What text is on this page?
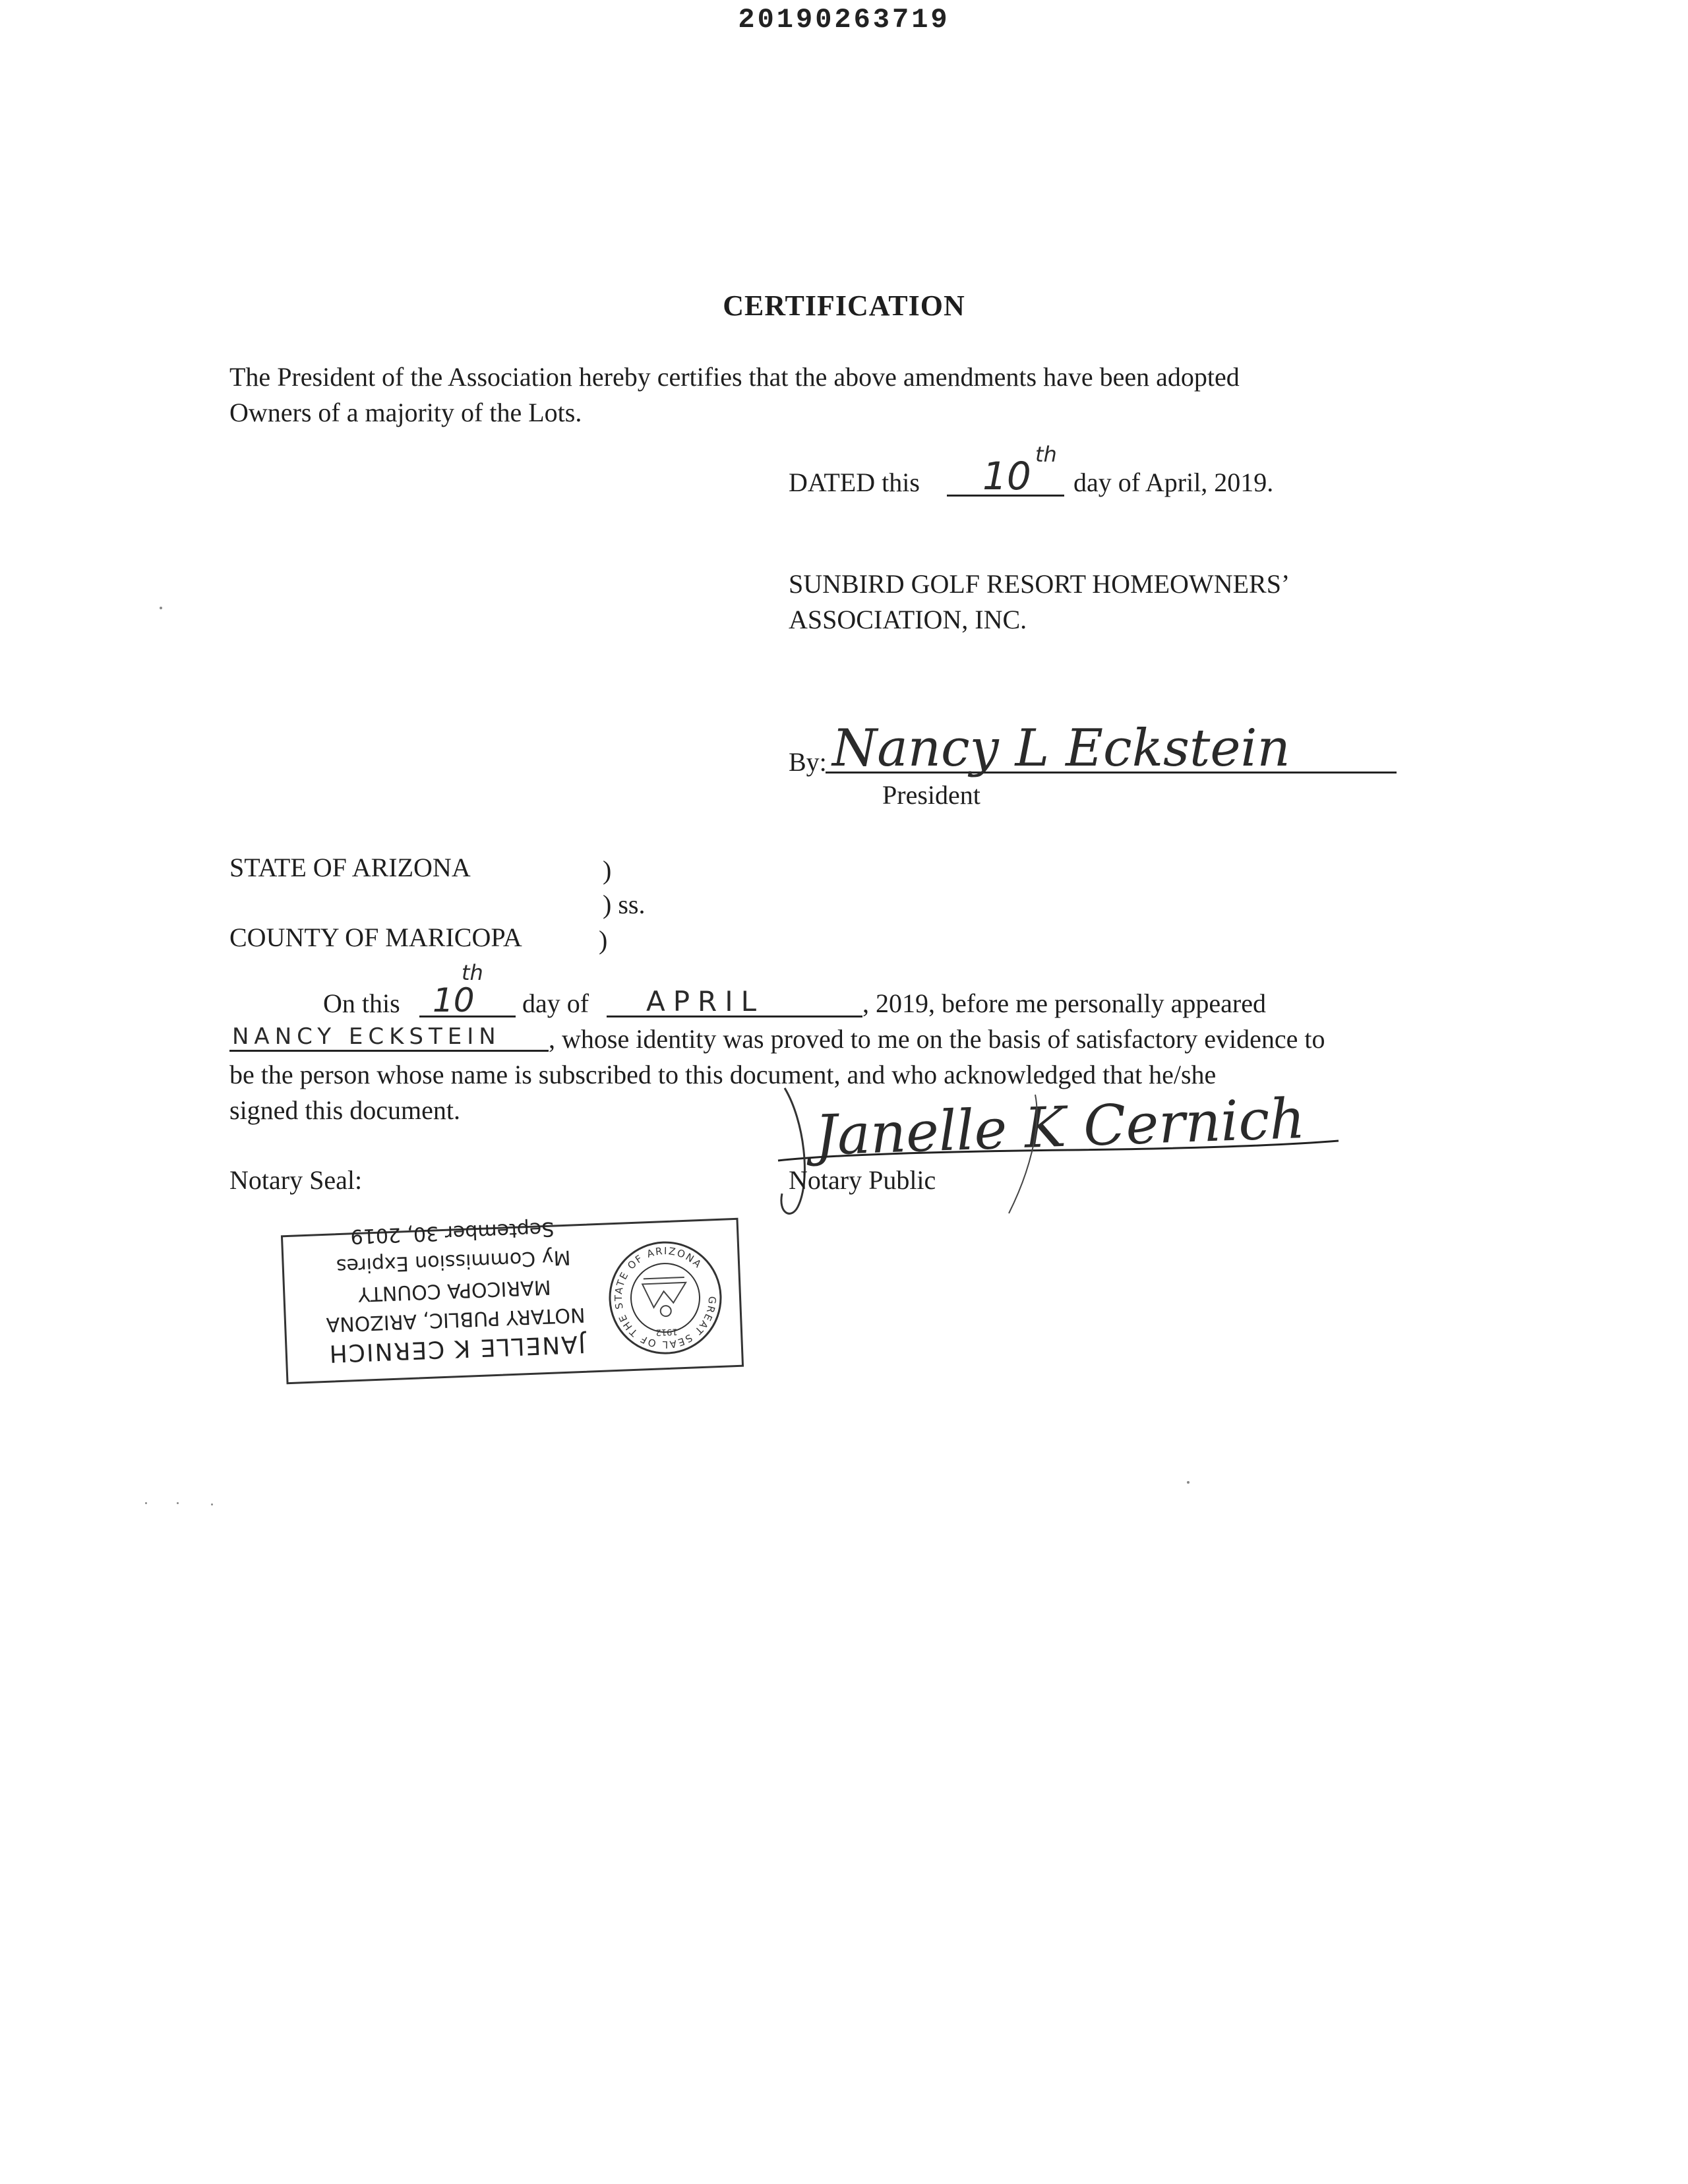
20190263719
CERTIFICATION
The President of the Association hereby certifies that the above amendments have been adopted
Owners of a majority of the Lots.
DATED this 10 th
day of April, 2019.
SUNBIRD GOLF RESORT HOMEOWNERS’
ASSOCIATION, INC.
By: Nancy L Eckstein
President
STATE OF ARIZONA	)
) ss.
COUNTY OF MARICOPA	)
On this 10
th
day of APRIL	, 2019, before me personally appeared
NANCY ECKSTEIN , whose identity was proved to me on the basis of satisfactory evidence to
be the person whose name is subscribed to this document, and who acknowledged that he/she
signed this document.	Janelle K Cernich
Notary Public
Notary Seal:
JANELLE K CERNICH
NOTARY PUBLIC, ARIZONA
MARICOPA COUNTY
My Commission Expires
September 30, 2019
GREAT SEAL OF THE STATE OF ARIZONA
1912
